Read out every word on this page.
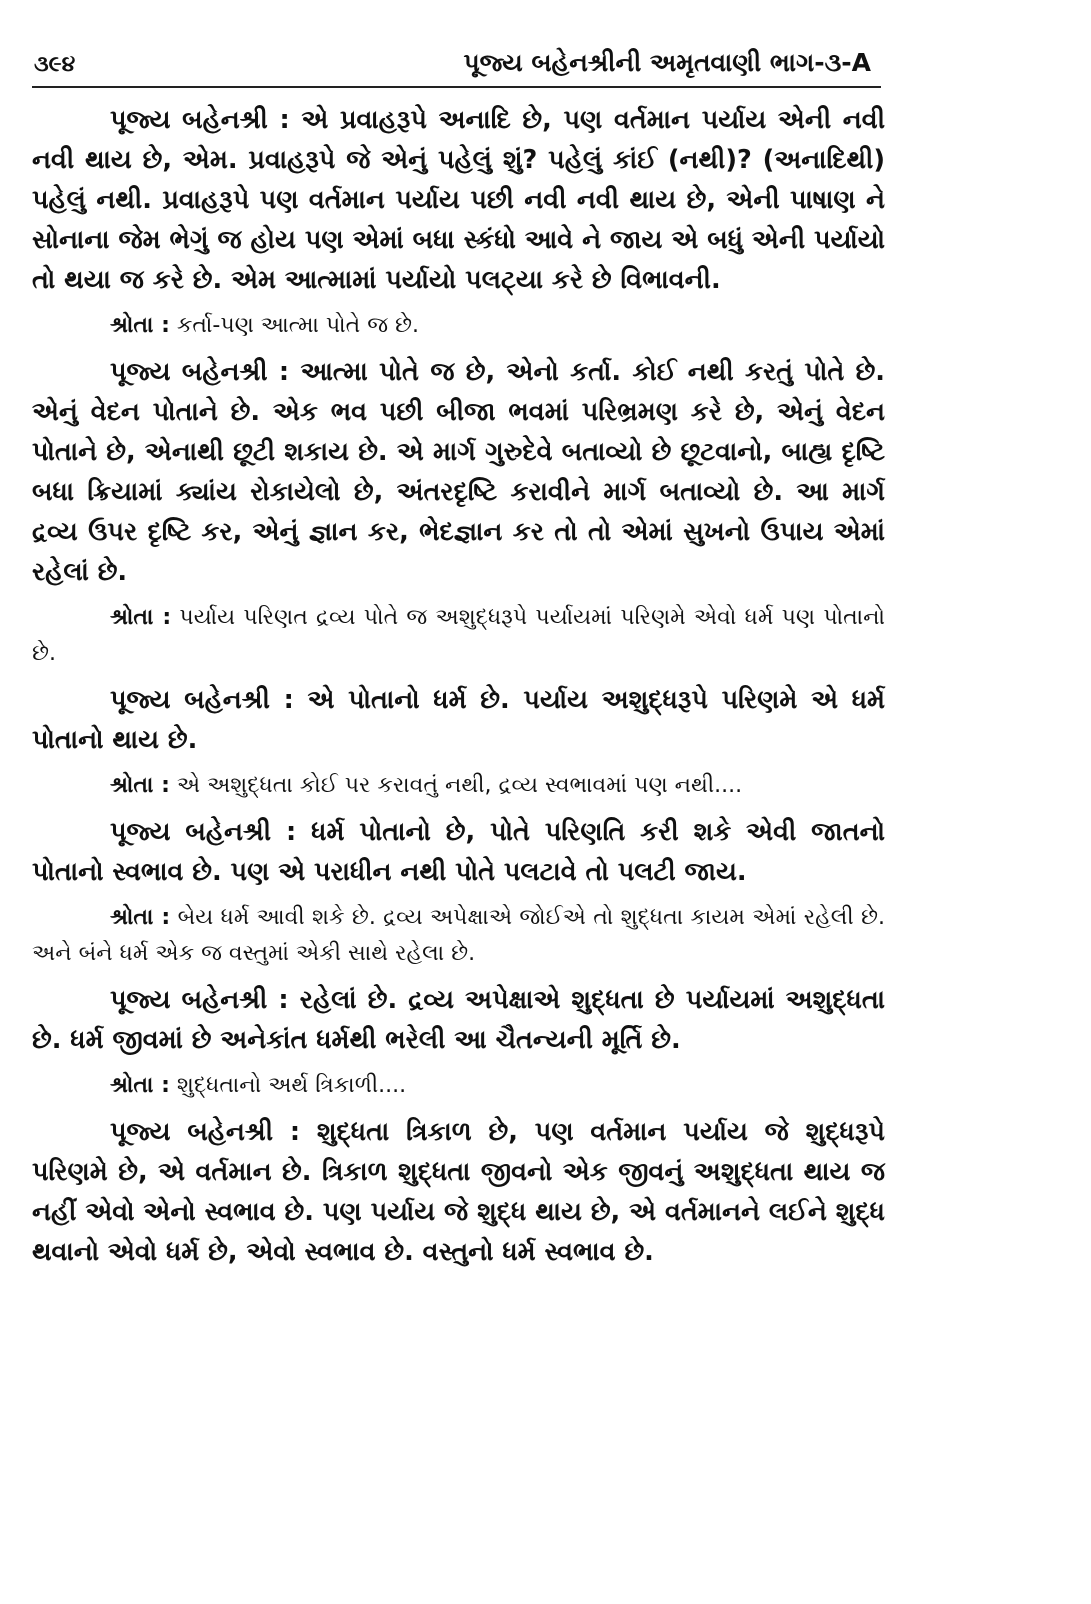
૩૯૪	પૂજ્ય બહેનશ્રીની અમૃતવાણી ભાગ-૩-A

પૂજ્ય બહેનશ્રી : એ પ્રવાહરૂપે અનાદિ છે, પણ વર્તમાન પર્યાય એની નવી નવી થાય છે, એમ. પ્રવાહરૂપે જે એનું પહેલું શું? પહેલું કાંઈ (નથી)? (અનાદિથી) પહેલું નથી. પ્રવાહરૂપે પણ વર્તમાન પર્યાય પછી નવી નવી થાય છે, એની પાષાણ ને સોનાના જેમ ભેગું જ હોય પણ એમાં બધા સ્કંધો આવે ને જાય એ બધું એની પર્યાયો તો થયા જ કરે છે. એમ આત્મામાં પર્યાયો પલટ્યા કરે છે વિભાવની.

શ્રોતા : કર્તા-પણ આત્મા પોતે જ છે.

પૂજ્ય બહેનશ્રી : આત્મા પોતે જ છે, એનો કર્તા. કોઈ નથી કરતું પોતે છે. એનું વેદન પોતાને છે. એક ભવ પછી બીજા ભવમાં પરિભ્રમણ કરે છે, એનું વેદન પોતાને છે, એનાથી છૂટી શકાય છે. એ માર્ગ ગુરુદેવે બતાવ્યો છે છૂટવાનો, બાહ્ય દૃષ્ટિ બધા ક્રિયામાં ક્યાંય રોકાયેલો છે, અંતરદૃષ્ટિ કરાવીને માર્ગ બતાવ્યો છે. આ માર્ગ દ્રવ્ય ઉપર દૃષ્ટિ કર, એનું જ્ઞાન કર, ભેદજ્ઞાન કર તો તો એમાં સુખનો ઉપાય એમાં રહેલાં છે.

શ્રોતા : પર્યાય પરિણત દ્રવ્ય પોતે જ અશુદ્ધરૂપે પર્યાયમાં પરિણમે એવો ધર્મ પણ પોતાનો છે.

પૂજ્ય બહેનશ્રી : એ પોતાનો ધર્મ છે. પર્યાય અશુદ્ધરૂપે પરિણમે એ ધર્મ પોતાનો થાય છે.

શ્રોતા : એ અશુદ્ધતા કોઈ પર કરાવતું નથી, દ્રવ્ય સ્વભાવમાં પણ નથી....

પૂજ્ય બહેનશ્રી : ધર્મ પોતાનો છે, પોતે પરિણતિ કરી શકે એવી જાતનો પોતાનો સ્વભાવ છે. પણ એ પરાધીન નથી પોતે પલટાવે તો પલટી જાય.

શ્રોતા : બેય ધર્મ આવી શકે છે. દ્રવ્ય અપેક્ષાએ જોઈએ તો શુદ્ધતા કાયમ એમાં રહેલી છે. અને બંને ધર્મ એક જ વસ્તુમાં એકી સાથે રહેલા છે.

પૂજ્ય બહેનશ્રી : રહેલાં છે. દ્રવ્ય અપેક્ષાએ શુદ્ધતા છે પર્યાયમાં અશુદ્ધતા છે. ધર્મ જીવમાં છે અનેકાંત ધર્મથી ભરેલી આ ચૈતન્યની મૂર્તિ છે.

શ્રોતા : શુદ્ધતાનો અર્થ ત્રિકાળી....

પૂજ્ય બહેનશ્રી : શુદ્ધતા ત્રિકાળ છે, પણ વર્તમાન પર્યાય જે શુદ્ધરૂપે પરિણમે છે, એ વર્તમાન છે. ત્રિકાળ શુદ્ધતા જીવનો એક જીવનું અશુદ્ધતા થાય જ નહીં એવો એનો સ્વભાવ છે. પણ પર્યાય જે શુદ્ધ થાય છે, એ વર્તમાનને લઈને શુદ્ધ થવાનો એવો ધર્મ છે, એવો સ્વભાવ છે. વસ્તુનો ધર્મ સ્વભાવ છે.
